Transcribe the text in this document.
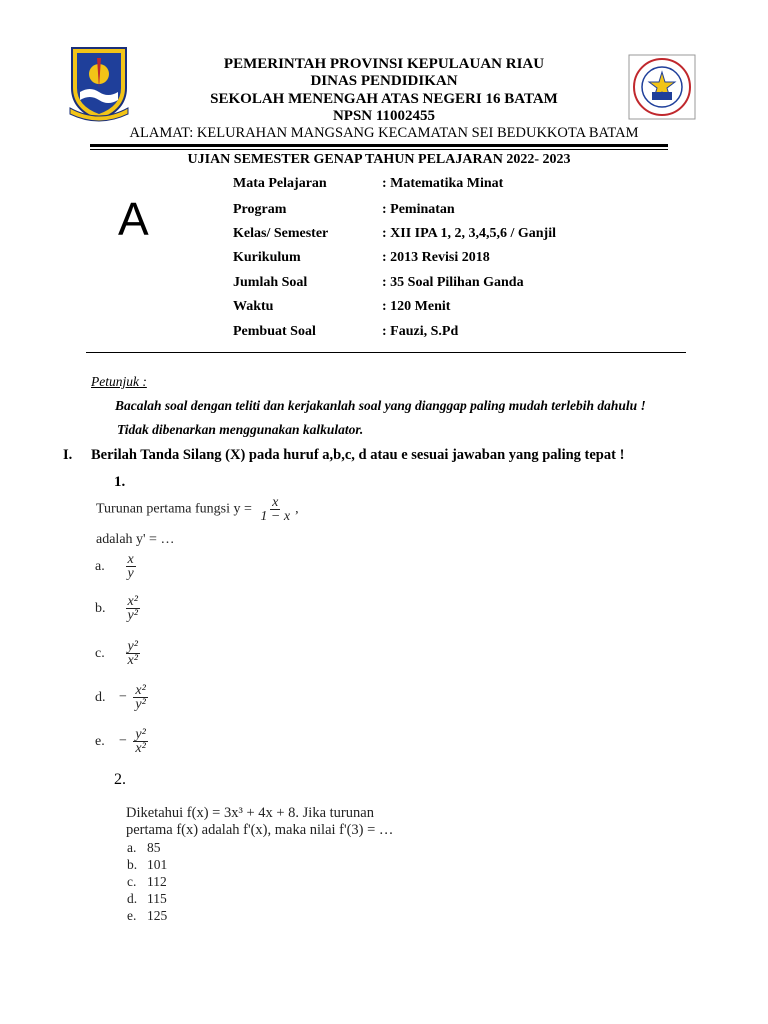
PEMERINTAH PROVINSI KEPULAUAN RIAU
DINAS PENDIDIKAN
SEKOLAH MENENGAH ATAS NEGERI 16 BATAM
NPSN 11002455
ALAMAT: KELURAHAN MANGSANG KECAMATAN SEI BEDUKKOTA BATAM
UJIAN SEMESTER GENAP TAHUN PELAJARAN 2022- 2023
A
Mata Pelajaran	: Matematika Minat
Program	: Peminatan
Kelas/ Semester	: XII IPA 1, 2, 3,4,5,6 / Ganjil
Kurikulum	: 2013 Revisi 2018
Jumlah Soal	: 35 Soal Pilihan Ganda
Waktu	: 120 Menit
Pembuat Soal	: Fauzi, S.Pd
Petunjuk :
Bacalah soal dengan teliti dan kerjakanlah soal yang dianggap paling mudah terlebih dahulu !
Tidak dibenarkan menggunakan kalkulator.
I. Berilah Tanda Silang (X) pada huruf a,b,c, d atau e sesuai jawaban yang paling tepat !
1.
Turunan pertama fungsi $y = \frac{x}{1 - x}$ ,
adalah y' = …
a. $\frac{x}{y}$
b. $\frac{\text{x²}}{\text{y²}}$
c. $\frac{\text{y²}}{\text{x²}}$
d. − $\frac{\text{x²}}{\text{y²}}$
e. − $\frac{\text{y²}}{\text{x²}}$
2.
Diketahui f(x) = 3x³ + 4x + 8. Jika turunan
pertama f(x) adalah f'(x), maka nilai f'(3) = …
a. 85
b. 101
c. 112
d. 115
e. 125
